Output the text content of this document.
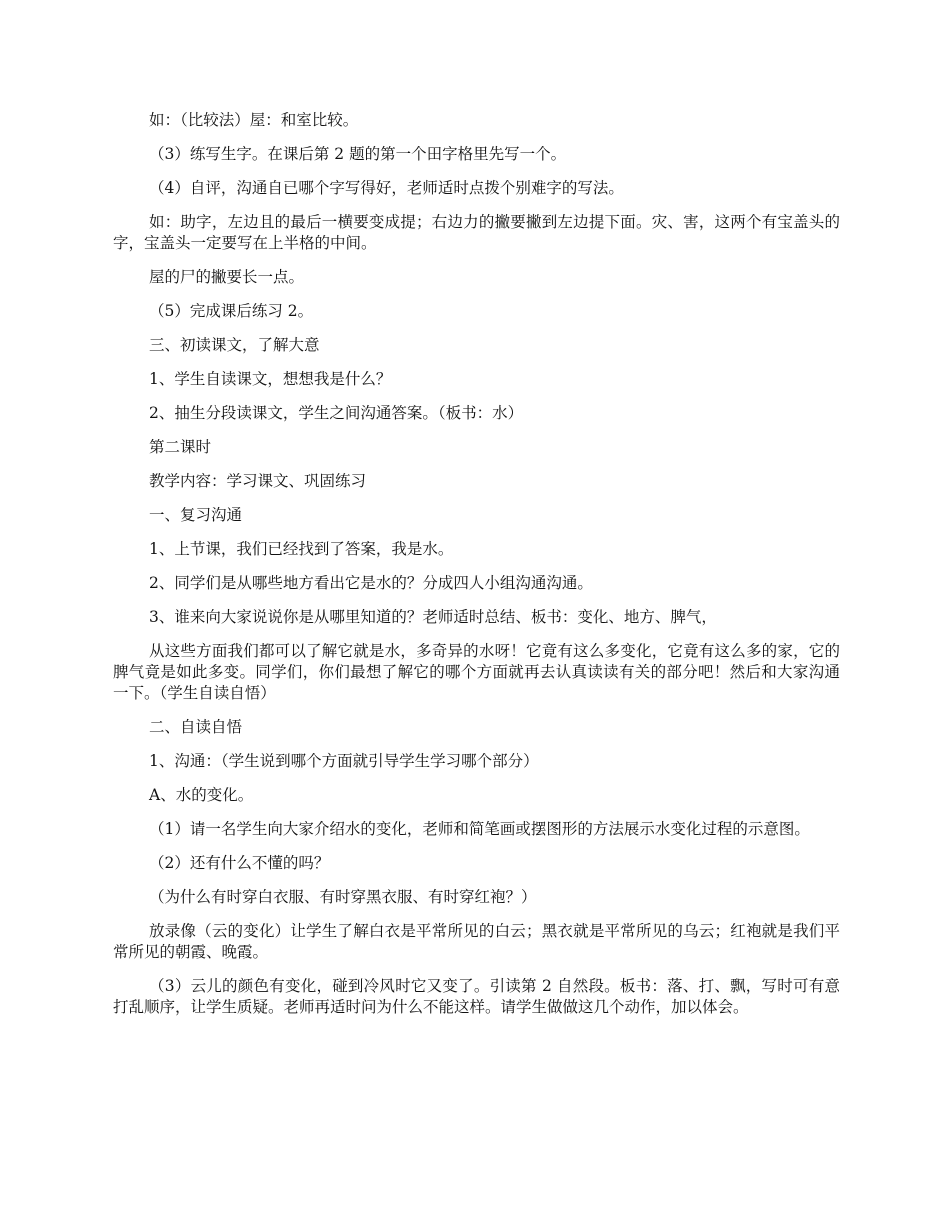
如：（比较法）屋：和室比较。

（3）练写生字。在课后第 2 题的第一个田字格里先写一个。

（4）自评，沟通自已哪个字写得好，老师适时点拨个别难字的写法。

如：助字，左边且的最后一横要变成提；右边力的撇要撇到左边提下面。灾、害，这两个有宝盖头的字，宝盖头一定要写在上半格的中间。

屋的尸的撇要长一点。

（5）完成课后练习 2。

三、初读课文，了解大意

1、学生自读课文，想想我是什么？

2、抽生分段读课文，学生之间沟通答案。（板书：水）

第二课时

教学内容：学习课文、巩固练习

一、复习沟通

1、上节课，我们已经找到了答案，我是水。

2、同学们是从哪些地方看出它是水的？分成四人小组沟通沟通。

3、谁来向大家说说你是从哪里知道的？老师适时总结、板书：变化、地方、脾气，

从这些方面我们都可以了解它就是水，多奇异的水呀！它竟有这么多变化，它竟有这么多的家，它的脾气竟是如此多变。同学们，你们最想了解它的哪个方面就再去认真读读有关的部分吧！然后和大家沟通一下。（学生自读自悟）

二、自读自悟

1、沟通：（学生说到哪个方面就引导学生学习哪个部分）

A、水的变化。

（1）请一名学生向大家介绍水的变化，老师和简笔画或摆图形的方法展示水变化过程的示意图。

（2）还有什么不懂的吗？

（为什么有时穿白衣服、有时穿黑衣服、有时穿红袍？）

放录像（云的变化）让学生了解白衣是平常所见的白云；黑衣就是平常所见的乌云；红袍就是我们平常所见的朝霞、晚霞。

（3）云儿的颜色有变化，碰到冷风时它又变了。引读第 2 自然段。板书：落、打、飘，写时可有意打乱顺序，让学生质疑。老师再适时问为什么不能这样。请学生做做这几个动作，加以体会。
